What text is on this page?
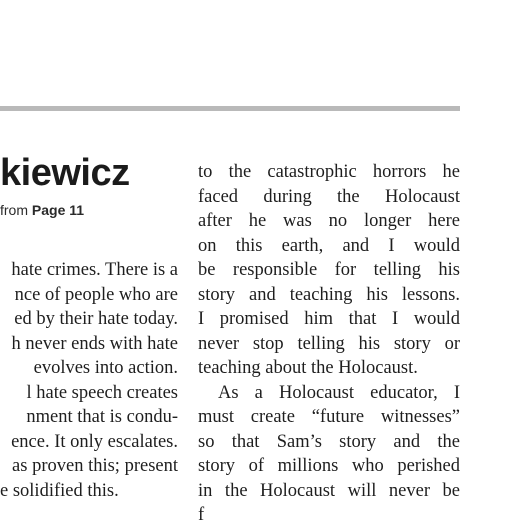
kiewicz

from Page 11

hate crimes. There is a
nce of people who are
ed by their hate today.
h never ends with hate
evolves into action.
l hate speech creates
nment that is condu-
ence. It only escalates.
as proven this; present
e solidified this.
to the catastrophic horrors he
faced during the Holocaust
after he was no longer here
on this earth, and I would
be responsible for telling his
story and teaching his lessons.
I promised him that I would
never stop telling his story or
teaching about the Holocaust.
As a Holocaust educator, I
must create “future witnesses”
so that Sam’s story and the
story of millions who perished
in the Holocaust will never be
f
